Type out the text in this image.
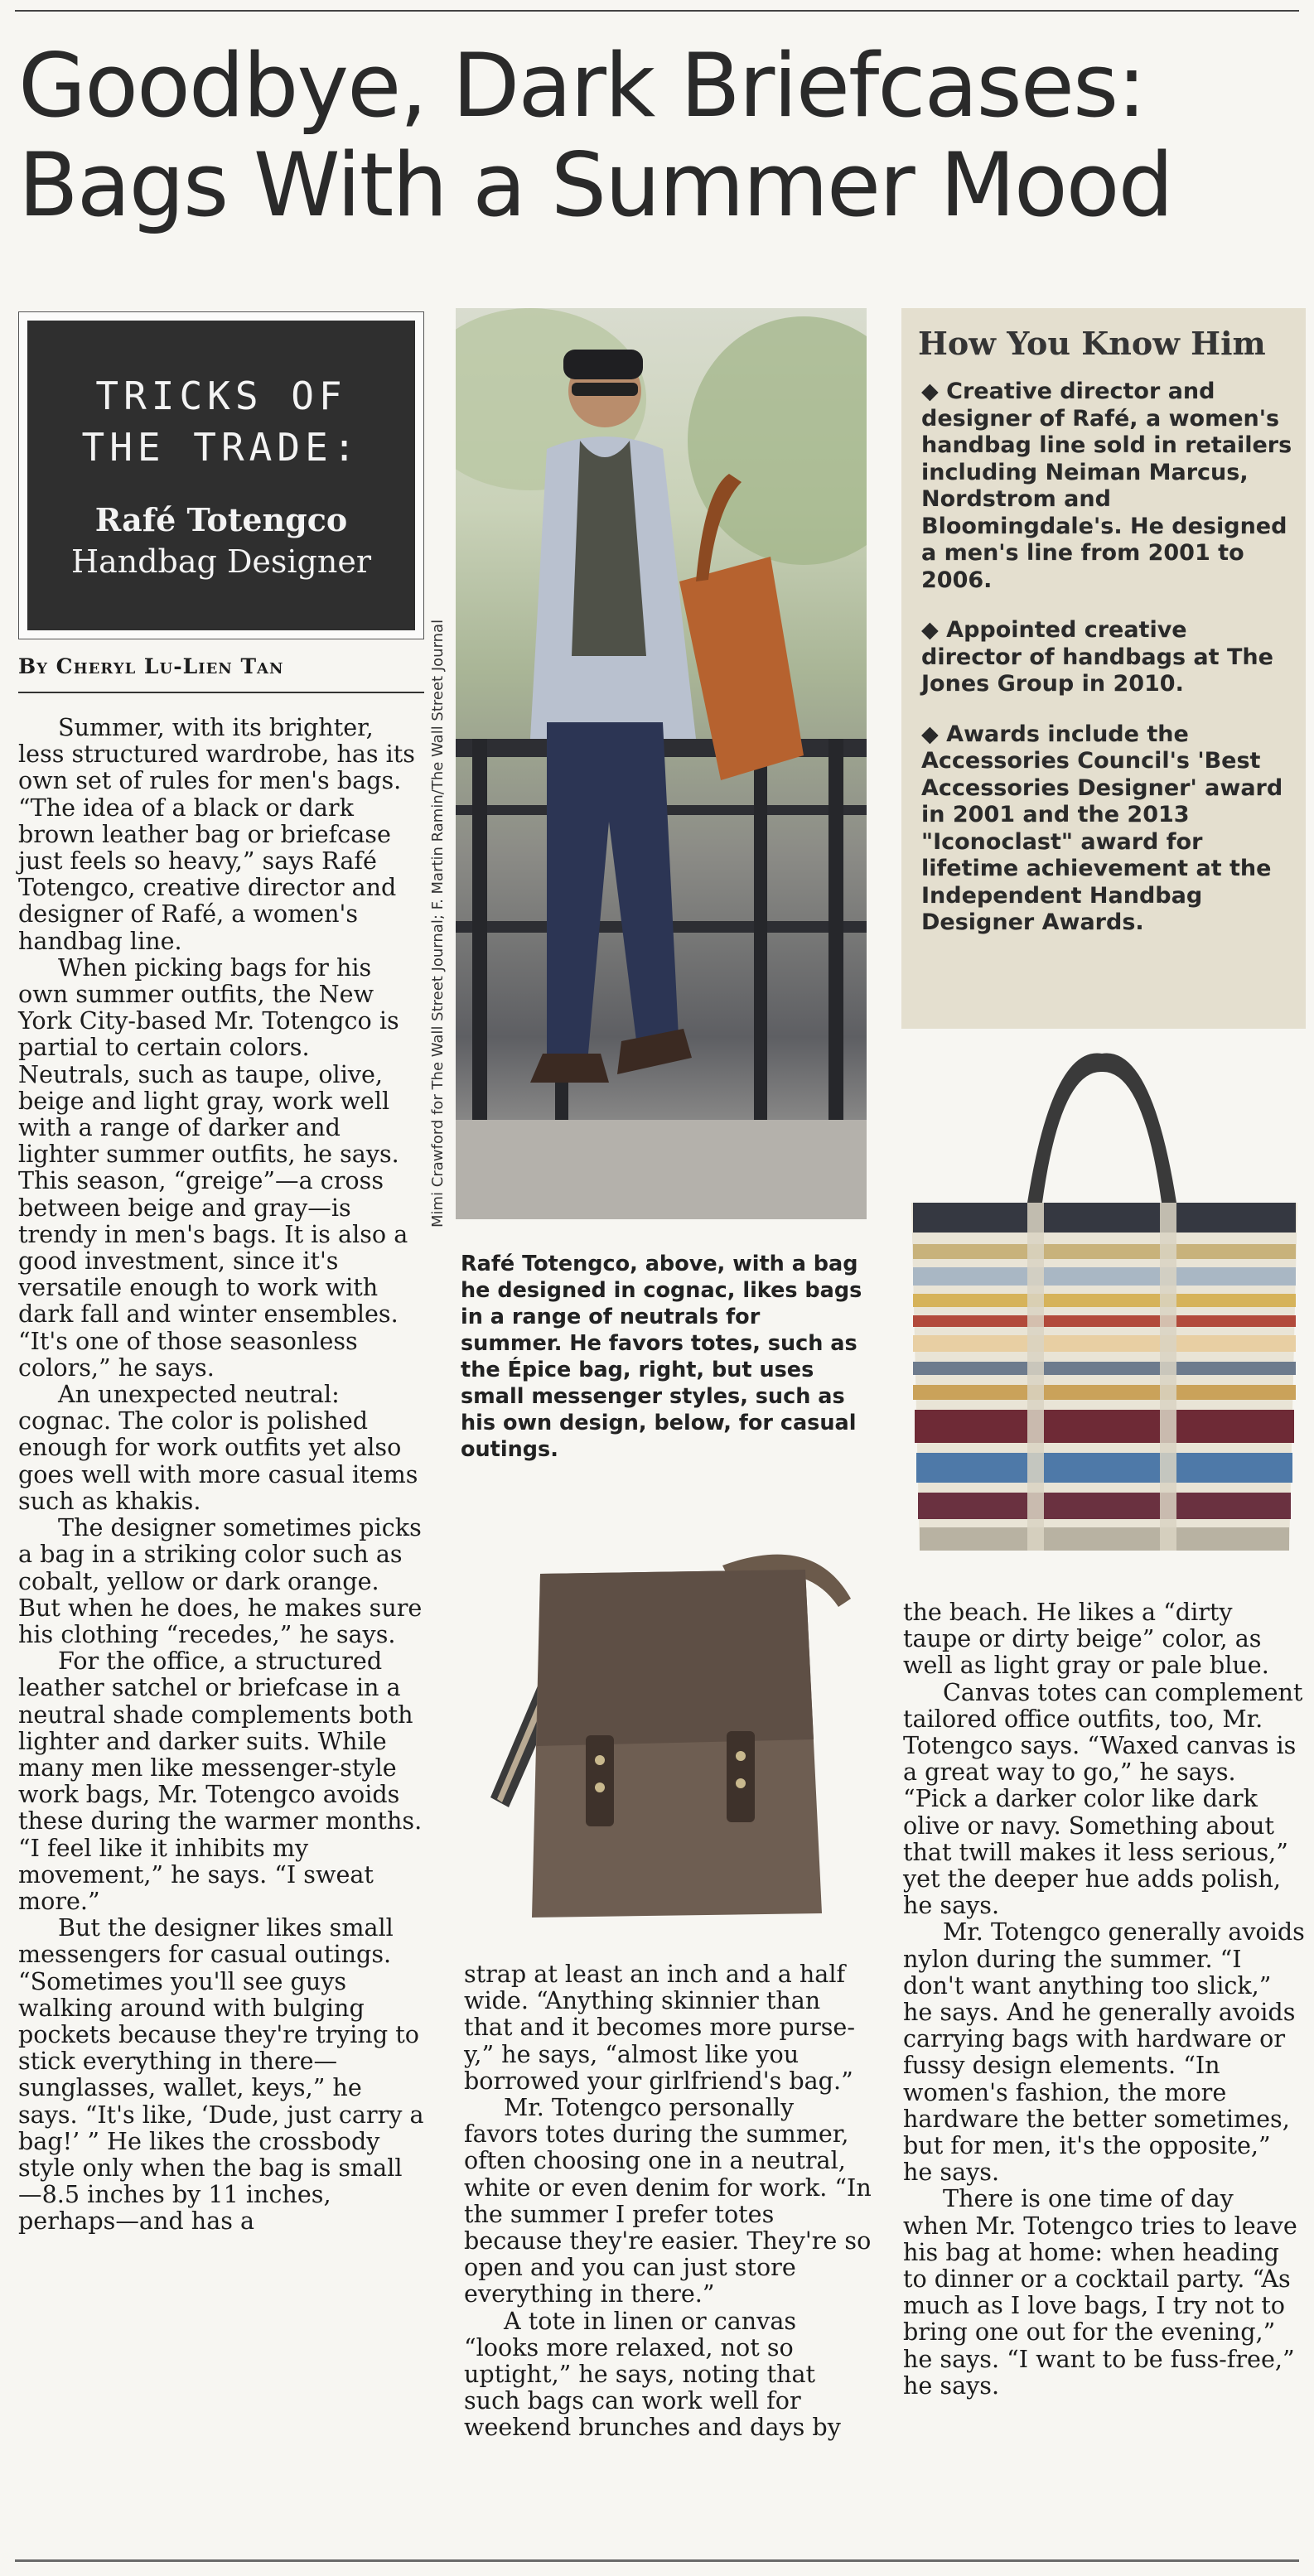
Goodbye, Dark Briefcases:
Bags With a Summer Mood
TRICKS OF
THE TRADE:
Rafé Totengco
Handbag Designer
By Cheryl Lu-Lien Tan

Summer, with its brighter, less structured wardrobe, has its own set of rules for men's bags. “The idea of a black or dark brown leather bag or briefcase just feels so heavy,” says Rafé Totengco, creative director and designer of Rafé, a women's handbag line.

When picking bags for his own summer outfits, the New York City-based Mr. Totengco is partial to certain colors. Neutrals, such as taupe, olive, beige and light gray, work well with a range of darker and lighter summer outfits, he says. This season, “greige”—a cross between beige and gray—is trendy in men's bags. It is also a good investment, since it's versatile enough to work with dark fall and winter ensembles. “It's one of those seasonless colors,” he says.

An unexpected neutral: cognac. The color is polished enough for work outfits yet also goes well with more casual items such as khakis.

The designer sometimes picks a bag in a striking color such as cobalt, yellow or dark orange. But when he does, he makes sure his clothing “recedes,” he says.

For the office, a structured leather satchel or briefcase in a neutral shade complements both lighter and darker suits. While many men like messenger-style work bags, Mr. Totengco avoids these during the warmer months. “I feel like it inhibits my movement,” he says. “I sweat more.”

But the designer likes small messengers for casual outings. “Sometimes you'll see guys walking around with bulging pockets because they're trying to stick everything in there—sunglasses, wallet, keys,” he says. “It's like, ‘Dude, just carry a bag!’ ” He likes the crossbody style only when the bag is small—8.5 inches by 11 inches, perhaps—and has a

Mimi Crawford for The Wall Street Journal; F. Martin Ramin/The Wall Street Journal
Rafé Totengco, above, with a bag he designed in cognac, likes bags in a range of neutrals for summer. He favors totes, such as the Épice bag, right, but uses small messenger styles, such as his own design, below, for casual outings.

strap at least an inch and a half wide. “Anything skinnier than that and it becomes more purse-y,” he says, “almost like you borrowed your girlfriend's bag.”

Mr. Totengco personally favors totes during the summer, often choosing one in a neutral, white or even denim for work. “In the summer I prefer totes because they're easier. They're so open and you can just store everything in there.”

A tote in linen or canvas “looks more relaxed, not so uptight,” he says, noting that such bags can work well for weekend brunches and days by

How You Know Him
◆ Creative director and designer of Rafé, a women's handbag line sold in retailers including Neiman Marcus, Nordstrom and Bloomingdale's. He designed a men's line from 2001 to 2006.
◆ Appointed creative director of handbags at The Jones Group in 2010.
◆ Awards include the Accessories Council's 'Best Accessories Designer' award in 2001 and the 2013 "Iconoclast" award for lifetime achievement at the Independent Handbag Designer Awards.

the beach. He likes a “dirty taupe or dirty beige” color, as well as light gray or pale blue.

Canvas totes can complement tailored office outfits, too, Mr. Totengco says. “Waxed canvas is a great way to go,” he says. “Pick a darker color like dark olive or navy. Something about that twill makes it less serious,” yet the deeper hue adds polish, he says.

Mr. Totengco generally avoids nylon during the summer. “I don't want anything too slick,” he says. And he generally avoids carrying bags with hardware or fussy design elements. “In women's fashion, the more hardware the better sometimes, but for men, it's the opposite,” he says.

There is one time of day when Mr. Totengco tries to leave his bag at home: when heading to dinner or a cocktail party. “As much as I love bags, I try not to bring one out for the evening,” he says. “I want to be fuss-free,” he says.
